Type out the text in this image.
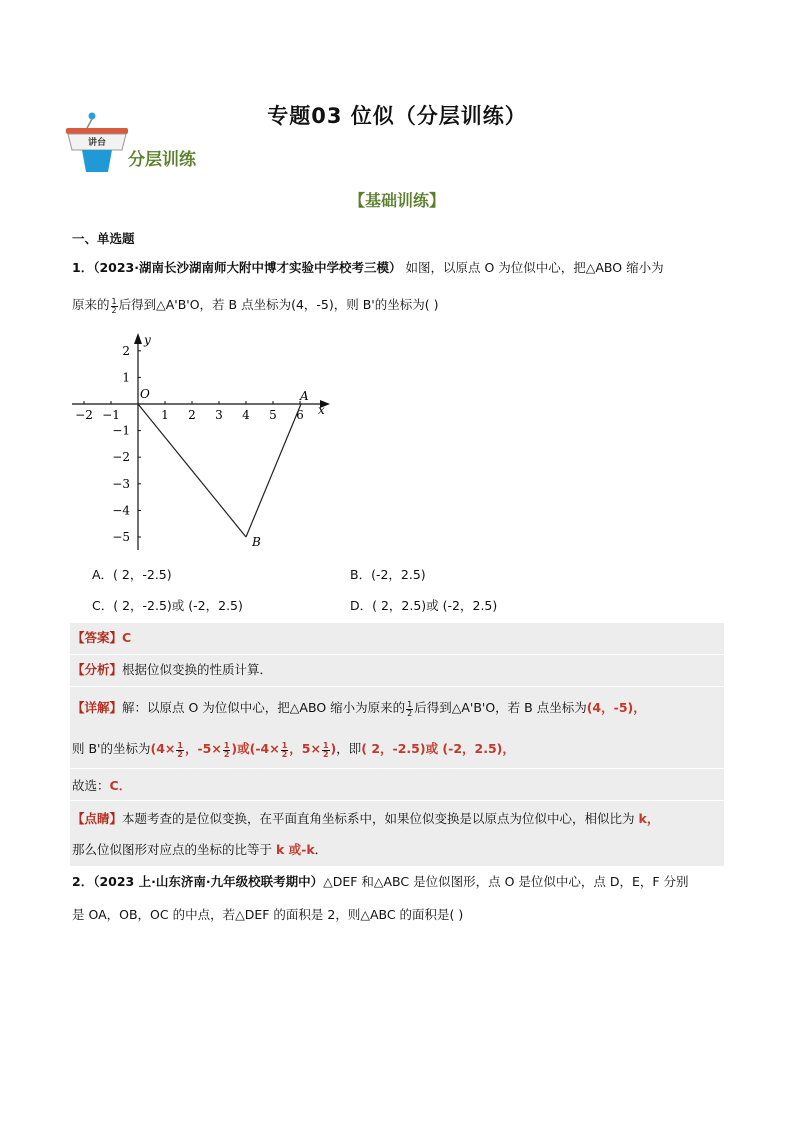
专题03 位似（分层训练）
讲台
分层训练
【基础训练】
一、单选题
1．（2023·湖南长沙湖南师大附中博才实验中学校考三模） 如图，以原点 O 为位似中心，把△ABO 缩小为
原来的 $\frac{1}{2}$ 后得到△A'B'O，若 B 点坐标为(4，-5)，则 B'的坐标为( )
−2 −1	1 2 3 4 5 6
2
1
−1
−2
−3
−4
−5
O	A
B
x
y
A．( 2，-2.5)	B．(-2，2.5)
C．( 2，-2.5)或 (-2，2.5)	D．( 2，2.5)或 (-2，2.5)
【答案】C
【分析】根据位似变换的性质计算．
【详解】解：以原点 O 为位似中心，把△ABO 缩小为原来的 $\frac{1}{2}$ 后得到△A'B'O，若 B 点坐标为(4，-5)，
则 B'的坐标为($4\times \frac{1}{2}$ ，$-5\times \frac{1}{2}$ )或($-4\times \frac{1}{2}$ ，$5\times \frac{1}{2}$ )，即( 2，-2.5)或 (-2，2.5)，
故选：C．
【点睛】本题考查的是位似变换，在平面直角坐标系中，如果位似变换是以原点为位似中心，相似比为 k，
那么位似图形对应点的坐标的比等于 k 或-k．
2．（2023 上·山东济南·九年级校联考期中）△DEF 和△ABC 是位似图形，点 O 是位似中心，点 D，E，F 分别
是 OA，OB，OC 的中点，若△DEF 的面积是 2，则△ABC 的面积是( )
